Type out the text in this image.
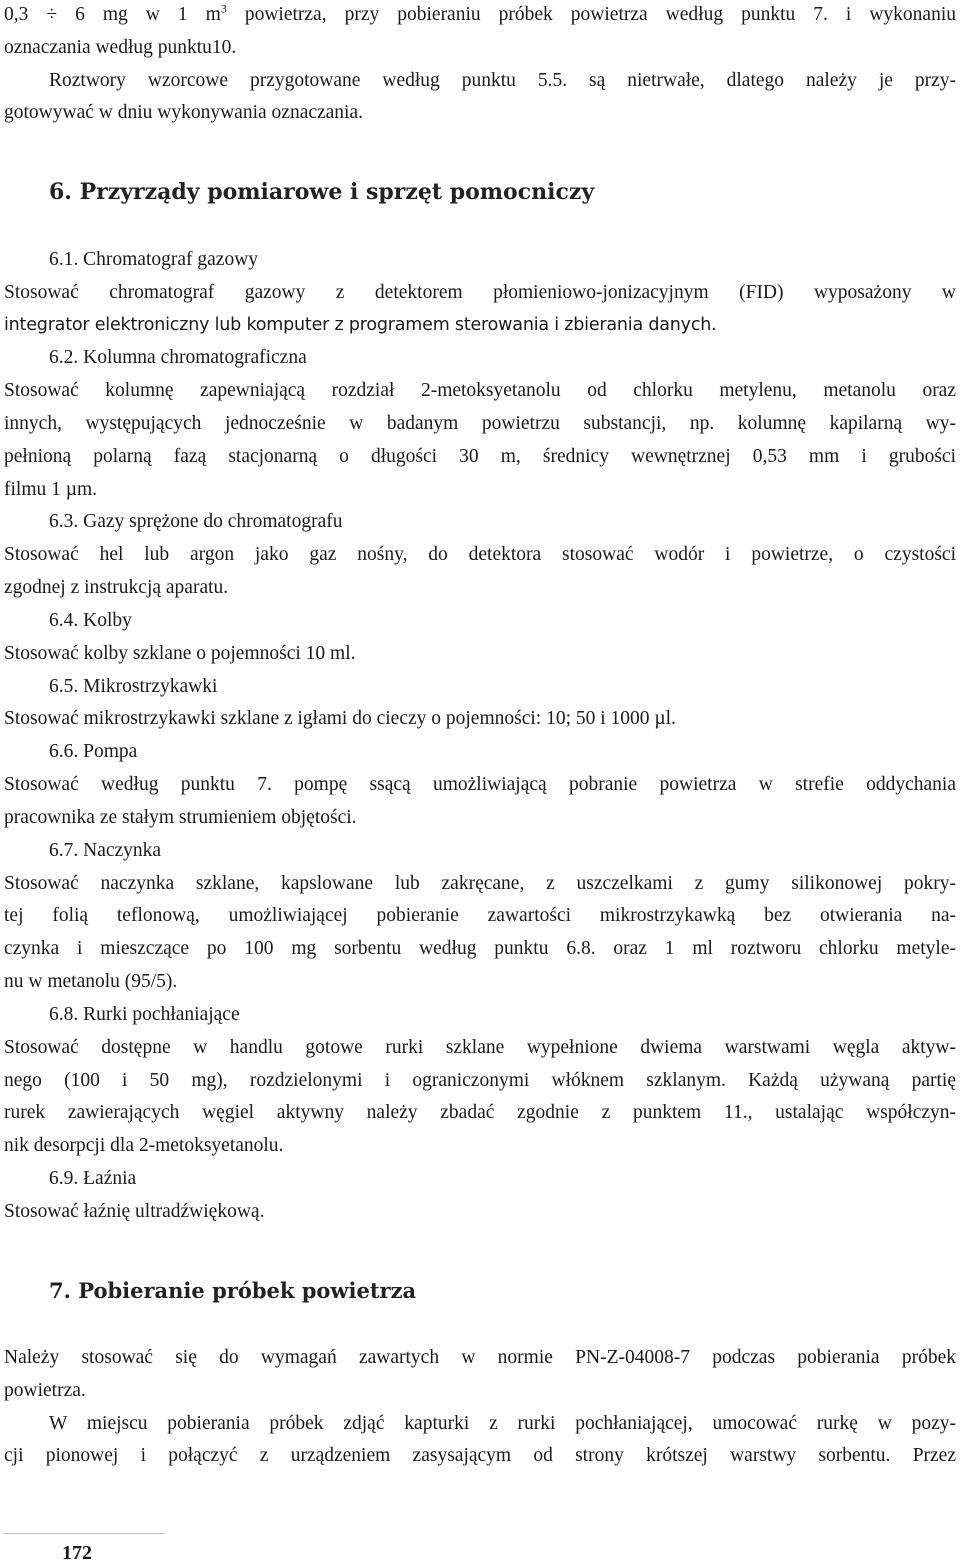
0,3 ÷ 6 mg w 1 $m^3$ powietrza, przy pobieraniu próbek powietrza według punktu 7. i wykonaniu
oznaczania według punktu10.
Roztwory wzorcowe przygotowane według punktu 5.5. są nietrwałe, dlatego należy je przy-
gotowywać w dniu wykonywania oznaczania.
6. Przyrządy pomiarowe i sprzęt pomocniczy
6.1. Chromatograf gazowy
Stosować chromatograf gazowy z detektorem płomieniowo-jonizacyjnym (FID) wyposażony w
integrator elektroniczny lub komputer z programem sterowania i zbierania danych.
6.2. Kolumna chromatograficzna
Stosować kolumnę zapewniającą rozdział 2-metoksyetanolu od chlorku metylenu, metanolu oraz
innych, występujących jednocześnie w badanym powietrzu substancji, np. kolumnę kapilarną wy-
pełnioną polarną fazą stacjonarną o długości 30 m, średnicy wewnętrznej 0,53 mm i grubości
filmu 1 µm.
6.3. Gazy sprężone do chromatografu
Stosować hel lub argon jako gaz nośny, do detektora stosować wodór i powietrze, o czystości
zgodnej z instrukcją aparatu.
6.4. Kolby
Stosować kolby szklane o pojemności 10 ml.
6.5. Mikrostrzykawki
Stosować mikrostrzykawki szklane z igłami do cieczy o pojemności: 10; 50 i 1000 µl.
6.6. Pompa
Stosować według punktu 7. pompę ssącą umożliwiającą pobranie powietrza w strefie oddychania
pracownika ze stałym strumieniem objętości.
6.7. Naczynka
Stosować naczynka szklane, kapslowane lub zakręcane, z uszczelkami z gumy silikonowej pokry-
tej folią teflonową, umożliwiającej pobieranie zawartości mikrostrzykawką bez otwierania na-
czynka i mieszczące po 100 mg sorbentu według punktu 6.8. oraz 1 ml roztworu chlorku metyle-
nu w metanolu (95/5).
6.8. Rurki pochłaniające
Stosować dostępne w handlu gotowe rurki szklane wypełnione dwiema warstwami węgla aktyw-
nego (100 i 50 mg), rozdzielonymi i ograniczonymi włóknem szklanym. Każdą używaną partię
rurek zawierających węgiel aktywny należy zbadać zgodnie z punktem 11., ustalając współczyn-
nik desorpcji dla 2-metoksyetanolu.
6.9. Łaźnia
Stosować łaźnię ultradźwiękową.
7. Pobieranie próbek powietrza
Należy stosować się do wymagań zawartych w normie PN-Z-04008-7 podczas pobierania próbek
powietrza.
W miejscu pobierania próbek zdjąć kapturki z rurki pochłaniającej, umocować rurkę w pozy-
cji pionowej i połączyć z urządzeniem zasysającym od strony krótszej warstwy sorbentu. Przez
172
